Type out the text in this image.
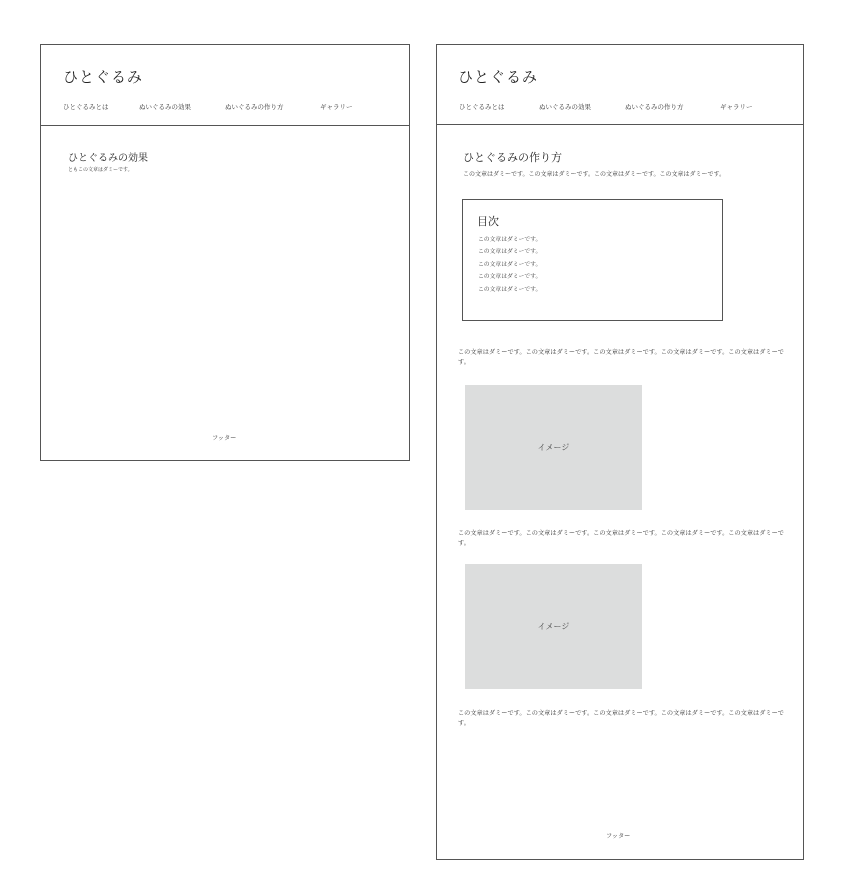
ひとぐるみ
ひとぐるみとは	ぬいぐるみの効果	ぬいぐるみの作り方	ギャラリー
ひとぐるみの効果
ともこの文章はダミーです。
フッター
ひとぐるみ
ひとぐるみとは	ぬいぐるみの効果	ぬいぐるみの作り方	ギャラリー
ひとぐるみの作り方
この文章はダミーです。この文章はダミーです。この文章はダミーです。この文章はダミーです。
目次
この文章はダミーです。
この文章はダミーです。
この文章はダミーです。
この文章はダミーです。
この文章はダミーです。
この文章はダミーです。この文章はダミーです。この文章はダミーです。この文章はダミーです。この文章はダミーです。
イメージ
この文章はダミーです。この文章はダミーです。この文章はダミーです。この文章はダミーです。この文章はダミーです。
イメージ
この文章はダミーです。この文章はダミーです。この文章はダミーです。この文章はダミーです。この文章はダミーです。
フッター
